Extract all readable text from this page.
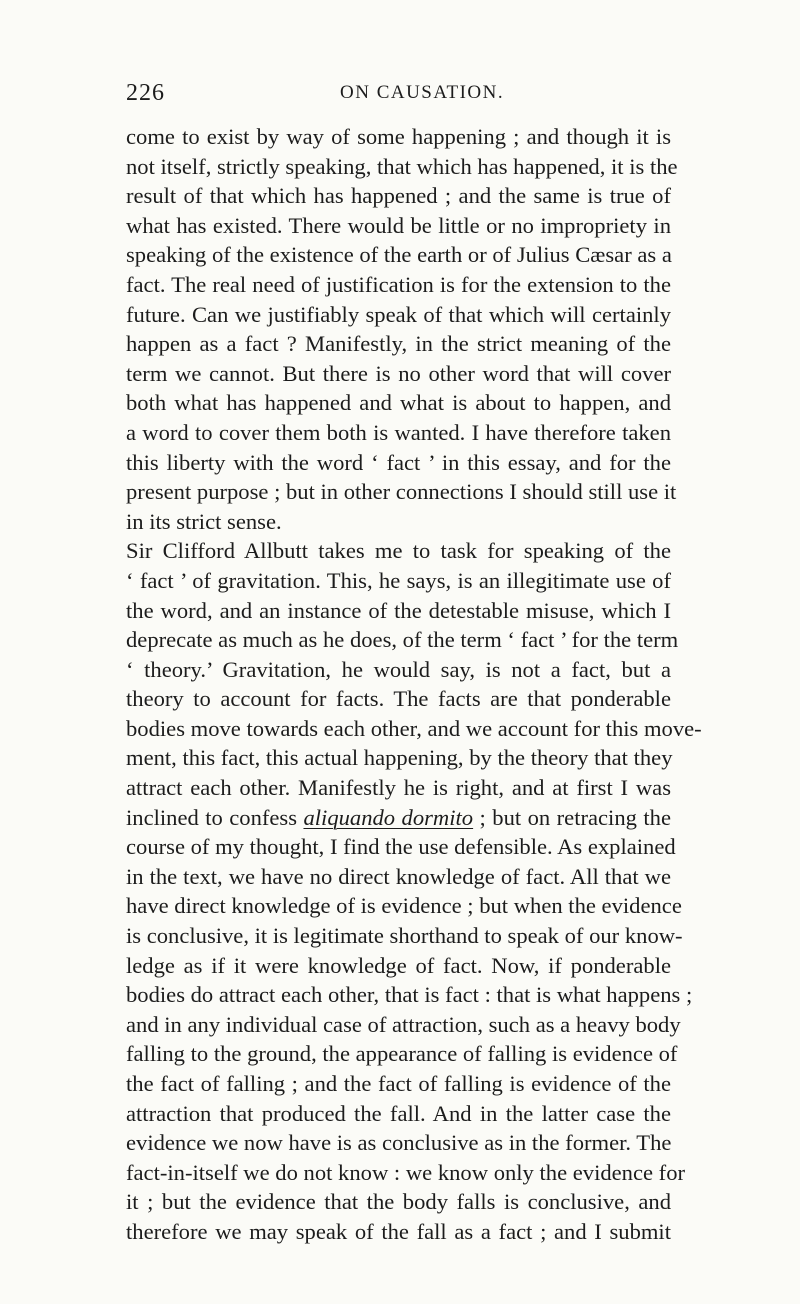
226	ON CAUSATION.
come to exist by way of some happening ; and though it is
not itself, strictly speaking, that which has happened, it is the
result of that which has happened ; and the same is true of
what has existed. There would be little or no impropriety in
speaking of the existence of the earth or of Julius Cæsar as a
fact. The real need of justification is for the extension to the
future. Can we justifiably speak of that which will certainly
happen as a fact ? Manifestly, in the strict meaning of the
term we cannot. But there is no other word that will cover
both what has happened and what is about to happen, and
a word to cover them both is wanted. I have therefore taken
this liberty with the word ‘ fact ’ in this essay, and for the
present purpose ; but in other connections I should still use it
in its strict sense.
Sir Clifford Allbutt takes me to task for speaking of the
‘ fact ’ of gravitation. This, he says, is an illegitimate use of
the word, and an instance of the detestable misuse, which I
deprecate as much as he does, of the term ‘ fact ’ for the term
‘ theory.’ Gravitation, he would say, is not a fact, but a
theory to account for facts. The facts are that ponderable
bodies move towards each other, and we account for this move-
ment, this fact, this actual happening, by the theory that they
attract each other. Manifestly he is right, and at first I was
inclined to confess aliquando dormito ; but on retracing the
course of my thought, I find the use defensible. As explained
in the text, we have no direct knowledge of fact. All that we
have direct knowledge of is evidence ; but when the evidence
is conclusive, it is legitimate shorthand to speak of our know-
ledge as if it were knowledge of fact. Now, if ponderable
bodies do attract each other, that is fact : that is what happens ;
and in any individual case of attraction, such as a heavy body
falling to the ground, the appearance of falling is evidence of
the fact of falling ; and the fact of falling is evidence of the
attraction that produced the fall. And in the latter case the
evidence we now have is as conclusive as in the former. The
fact-in-itself we do not know : we know only the evidence for
it ; but the evidence that the body falls is conclusive, and
therefore we may speak of the fall as a fact ; and I submit
